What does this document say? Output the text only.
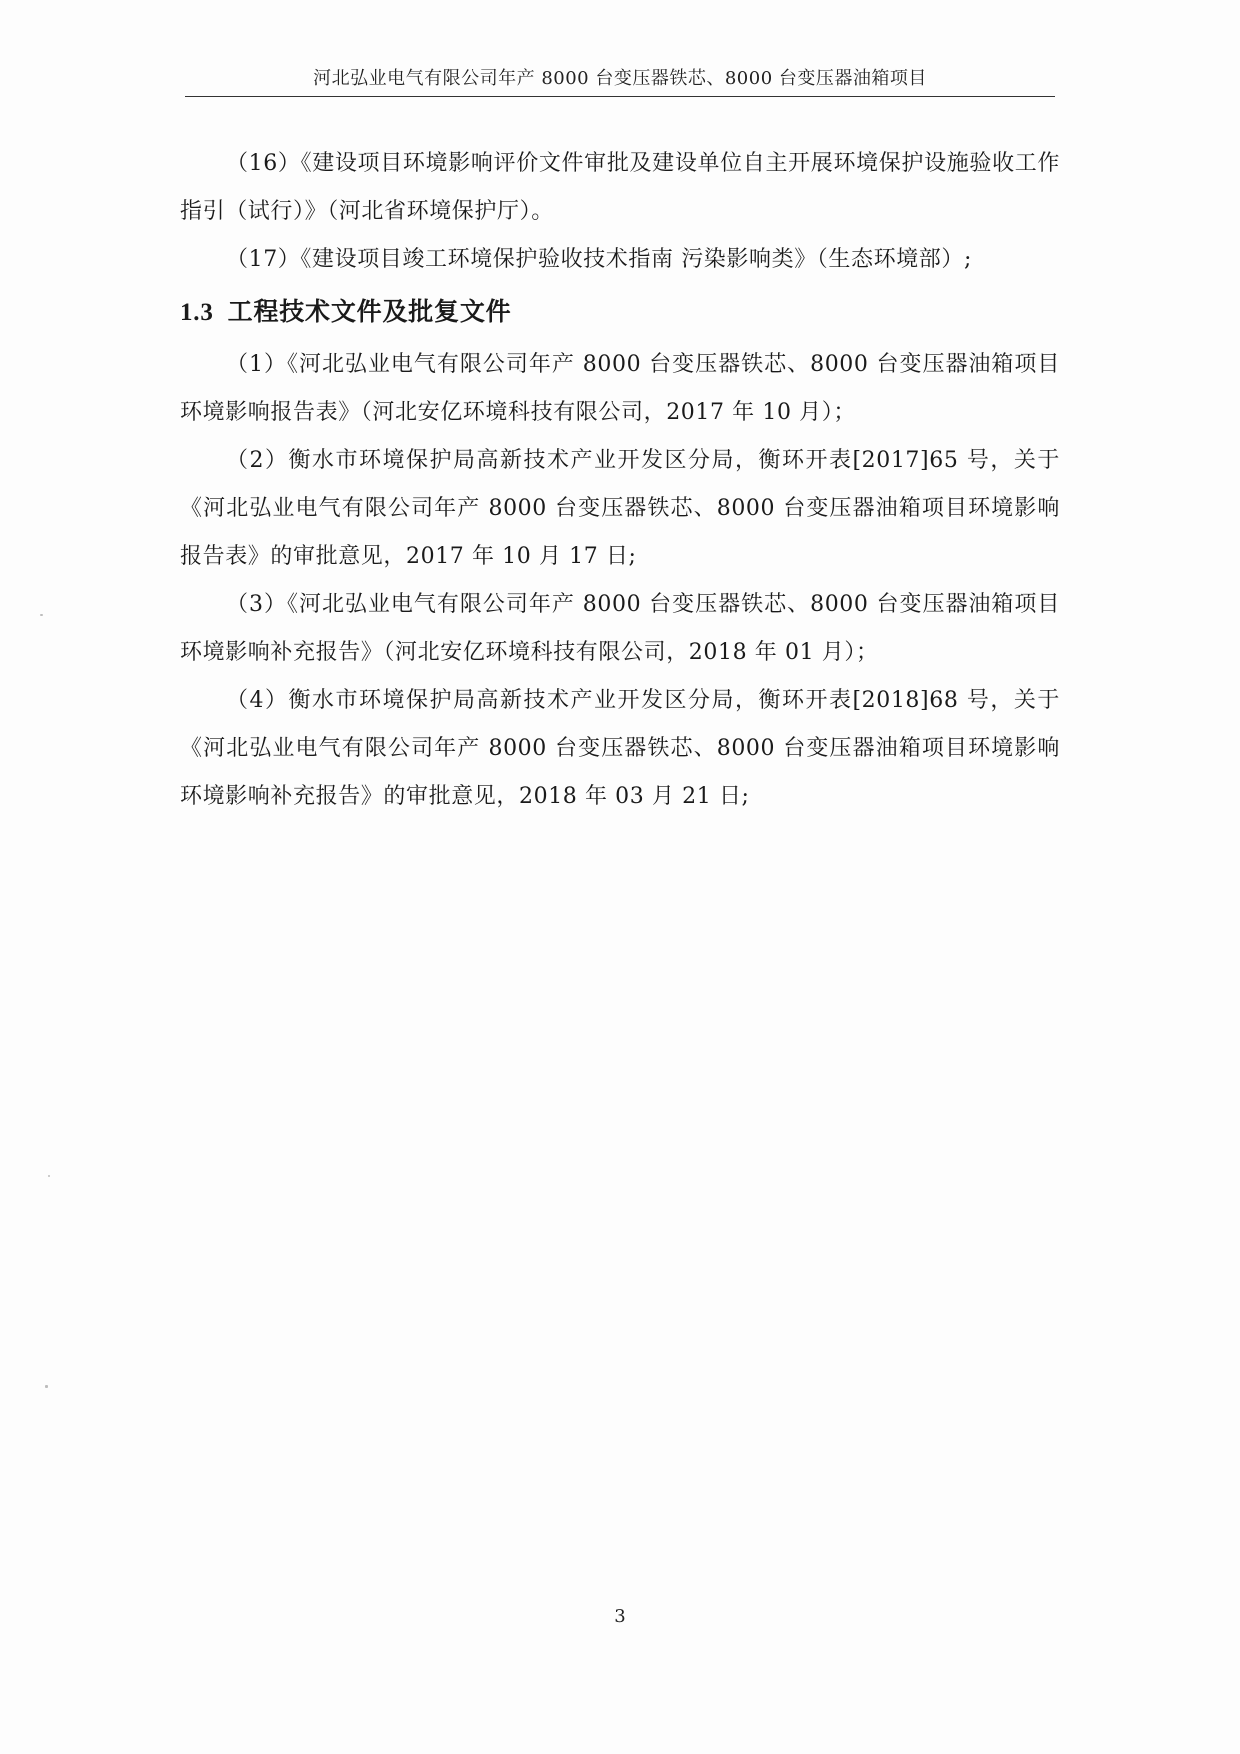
河北弘业电气有限公司年产 8000 台变压器铁芯、8000 台变压器油箱项目

（16）《建设项目环境影响评价文件审批及建设单位自主开展环境保护设施验收工作指引（试行）》（河北省环境保护厅）。

（17）《建设项目竣工环境保护验收技术指南 污染影响类》（生态环境部）;

1.3 工程技术文件及批复文件

（1）《河北弘业电气有限公司年产 8000 台变压器铁芯、8000 台变压器油箱项目环境影响报告表》（河北安亿环境科技有限公司，2017 年 10 月）；

（2）衡水市环境保护局高新技术产业开发区分局，衡环开表[2017]65 号，关于《河北弘业电气有限公司年产 8000 台变压器铁芯、8000 台变压器油箱项目环境影响报告表》的审批意见，2017 年 10 月 17 日;

（3）《河北弘业电气有限公司年产 8000 台变压器铁芯、8000 台变压器油箱项目环境影响补充报告》（河北安亿环境科技有限公司，2018 年 01 月）；

（4）衡水市环境保护局高新技术产业开发区分局，衡环开表[2018]68 号，关于《河北弘业电气有限公司年产 8000 台变压器铁芯、8000 台变压器油箱项目环境影响环境影响补充报告》的审批意见，2018 年 03 月 21 日;

3
